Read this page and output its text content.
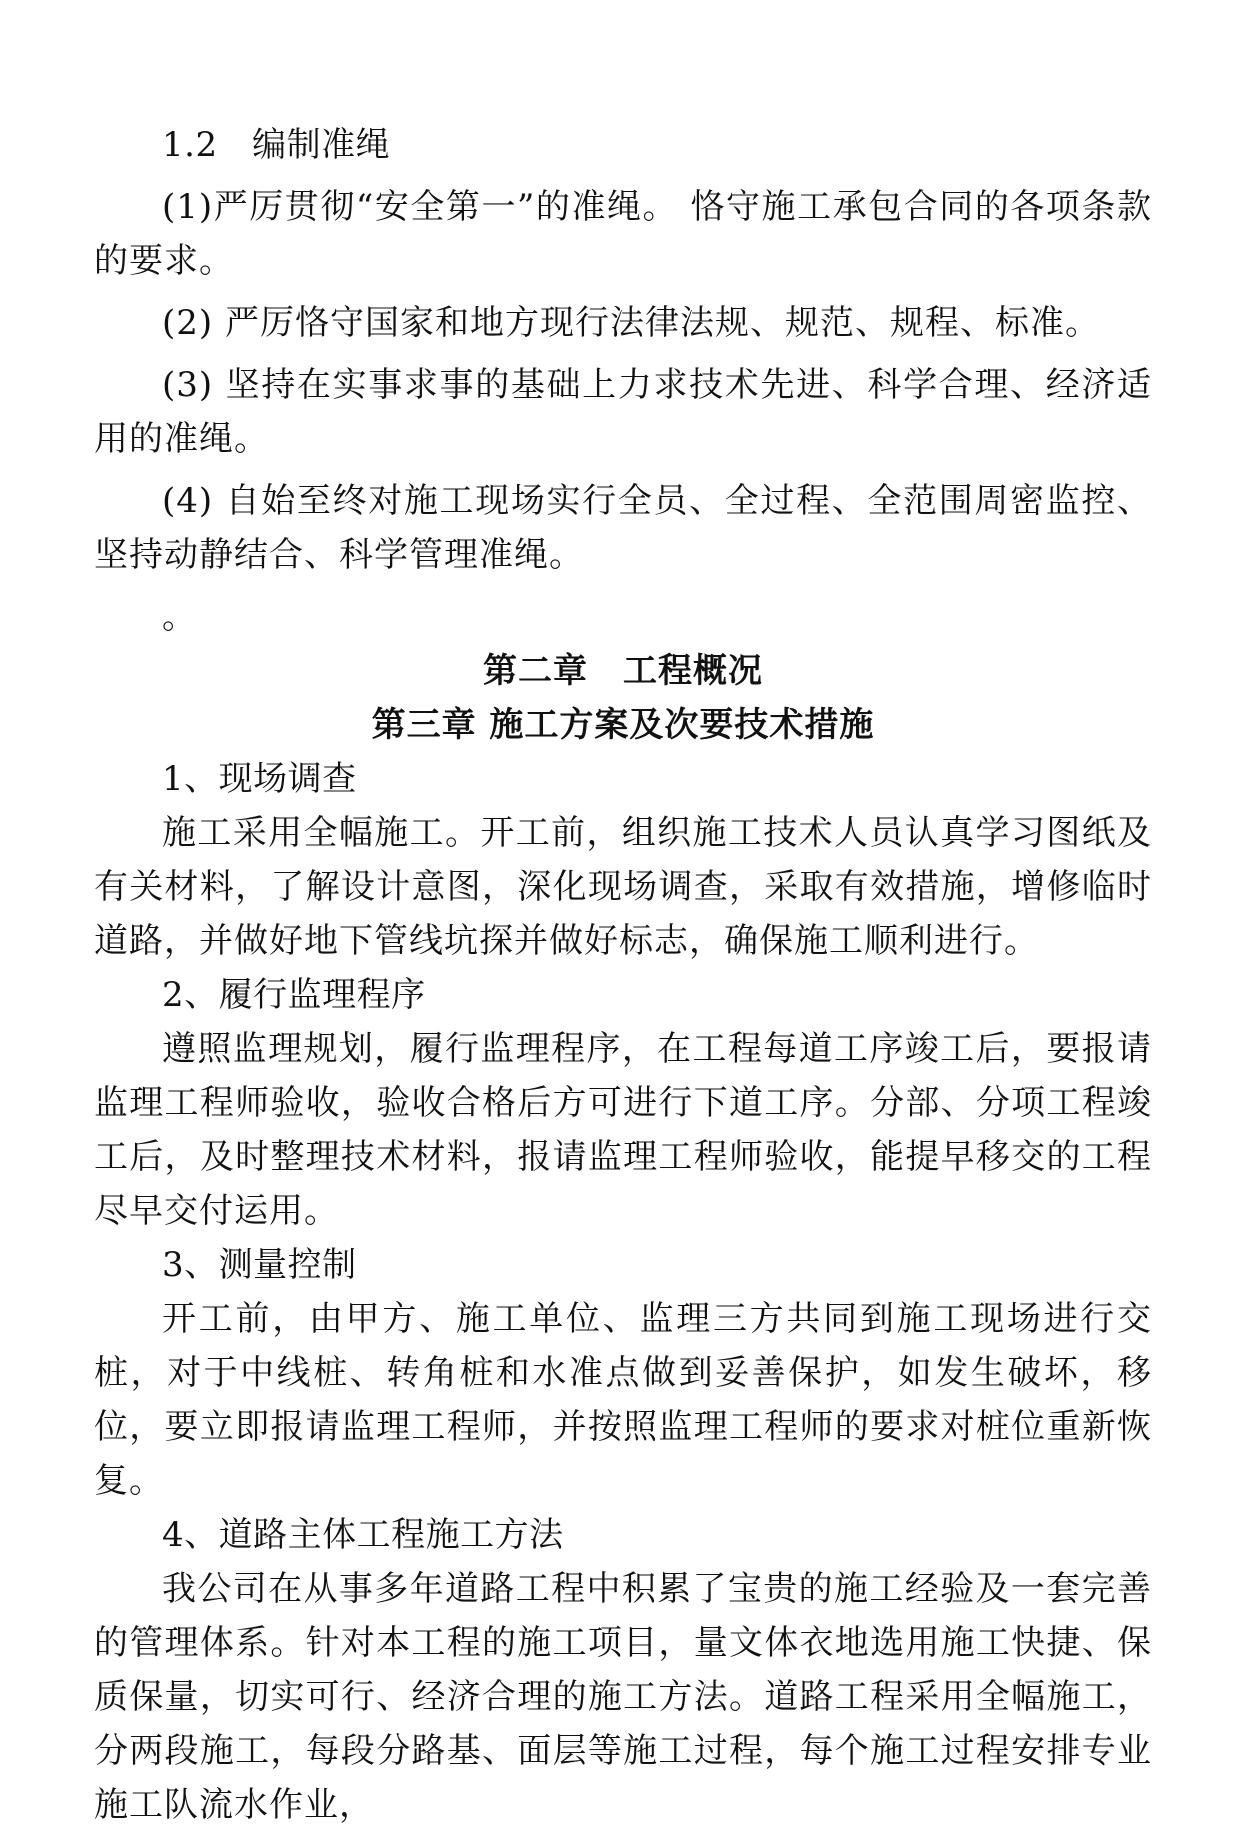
1.2　编制准绳

(1)严厉贯彻“安全第一”的准绳。 恪守施工承包合同的各项条款的要求。

(2) 严厉恪守国家和地方现行法律法规、规范、规程、标准。

(3) 坚持在实事求事的基础上力求技术先进、科学合理、经济适用的准绳。

(4) 自始至终对施工现场实行全员、全过程、全范围周密监控、坚持动静结合、科学管理准绳。

。

第二章　工程概况

第三章 施工方案及次要技术措施

1、现场调查

施工采用全幅施工。开工前，组织施工技术人员认真学习图纸及有关材料，了解设计意图，深化现场调查，采取有效措施，增修临时道路，并做好地下管线坑探并做好标志，确保施工顺利进行。

2、履行监理程序

遵照监理规划，履行监理程序，在工程每道工序竣工后，要报请监理工程师验收，验收合格后方可进行下道工序。分部、分项工程竣工后，及时整理技术材料，报请监理工程师验收，能提早移交的工程尽早交付运用。

3、测量控制

开工前，由甲方、施工单位、监理三方共同到施工现场进行交桩，对于中线桩、转角桩和水准点做到妥善保护，如发生破坏，移位，要立即报请监理工程师，并按照监理工程师的要求对桩位重新恢复。

4、道路主体工程施工方法

我公司在从事多年道路工程中积累了宝贵的施工经验及一套完善的管理体系。针对本工程的施工项目，量文体衣地选用施工快捷、保质保量，切实可行、经济合理的施工方法。道路工程采用全幅施工，分两段施工，每段分路基、面层等施工过程，每个施工过程安排专业施工队流水作业，
